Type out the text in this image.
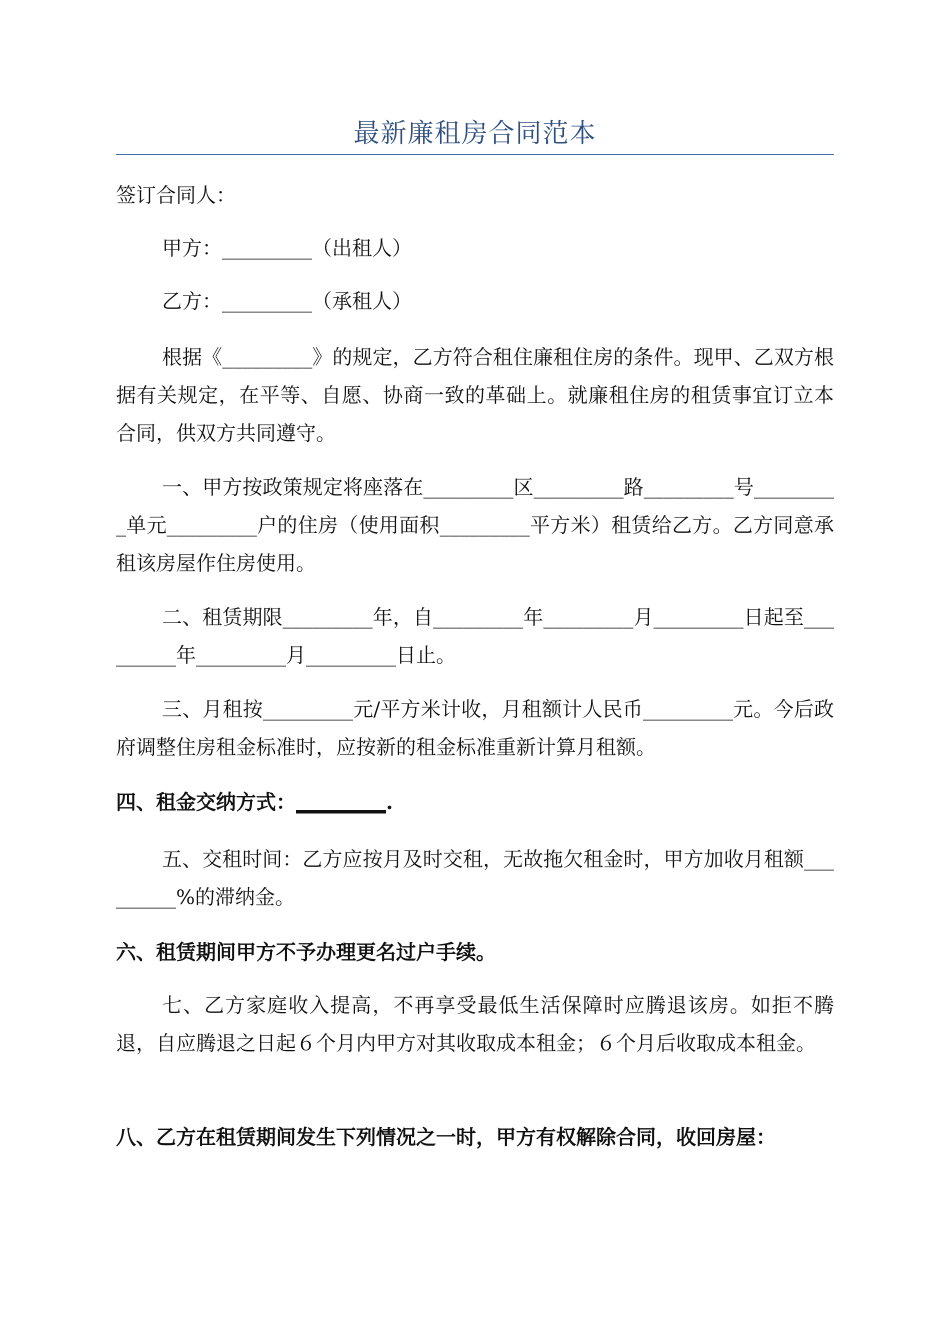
最新廉租房合同范本

签订合同人：

甲方：_________（出租人）

乙方：_________（承租人）

根据《_________》的规定，乙方符合租住廉租住房的条件。现甲、乙双方根据有关规定，在平等、自愿、协商一致的革础上。就廉租住房的租赁事宜订立本合同，供双方共同遵守。

一、甲方按政策规定将座落在_________区_________路_________号_________单元_________户的住房（使用面积_________平方米）租赁给乙方。乙方同意承租该房屋作住房使用。

二、租赁期限_________年，自_________年_________月_________日起至_________年_________月_________日止。

三、月租按_________元/平方米计收，月租额计人民币_________元。今后政府调整住房租金标准时，应按新的租金标准重新计算月租额。

四、租金交纳方式：_________.

五、交租时间：乙方应按月及时交租，无故拖欠租金时，甲方加收月租额_________%的滞纳金。

六、租赁期间甲方不予办理更名过户手续。

七、乙方家庭收入提高，不再享受最低生活保障时应腾退该房。如拒不腾退，自应腾退之日起６个月内甲方对其收取成本租金；６个月后收取成本租金。

八、乙方在租赁期间发生下列情况之一时，甲方有权解除合同，收回房屋：
